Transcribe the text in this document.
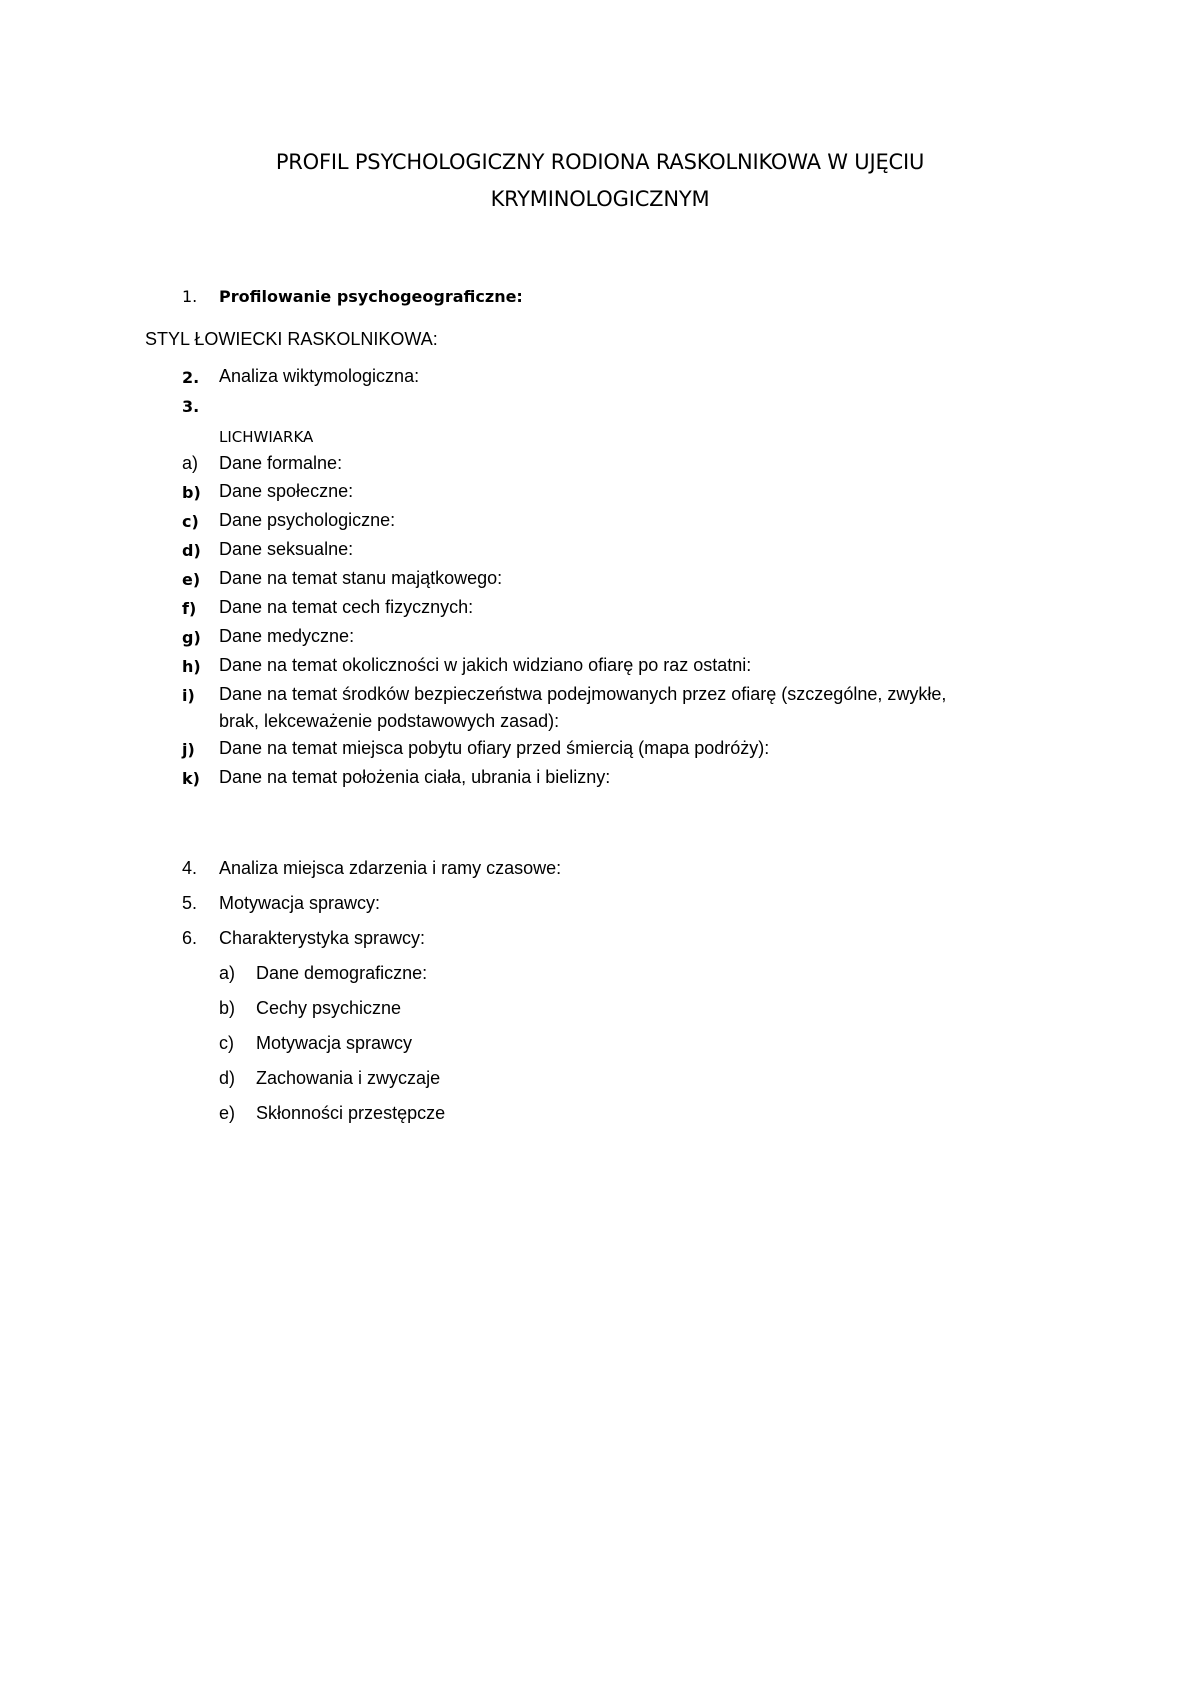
PROFIL PSYCHOLOGICZNY RODIONA RASKOLNIKOWA W UJĘCIU
KRYMINOLOGICZNYM
1. Profilowanie psychogeograficzne:
STYL ŁOWIECKI RASKOLNIKOWA:
2. Analiza wiktymologiczna:
3.
LICHWIARKA
a) Dane formalne:
b) Dane społeczne:
c) Dane psychologiczne:
d) Dane seksualne:
e) Dane na temat stanu majątkowego:
f) Dane na temat cech fizycznych:
g) Dane medyczne:
h) Dane na temat okoliczności w jakich widziano ofiarę po raz ostatni:
i) Dane na temat środków bezpieczeństwa podejmowanych przez ofiarę (szczególne, zwykłe,
brak, lekceważenie podstawowych zasad):
j) Dane na temat miejsca pobytu ofiary przed śmiercią (mapa podróży):
k) Dane na temat położenia ciała, ubrania i bielizny:
4. Analiza miejsca zdarzenia i ramy czasowe:
5. Motywacja sprawcy:
6. Charakterystyka sprawcy:
a) Dane demograficzne:
b) Cechy psychiczne
c) Motywacja sprawcy
d) Zachowania i zwyczaje
e) Skłonności przestępcze
